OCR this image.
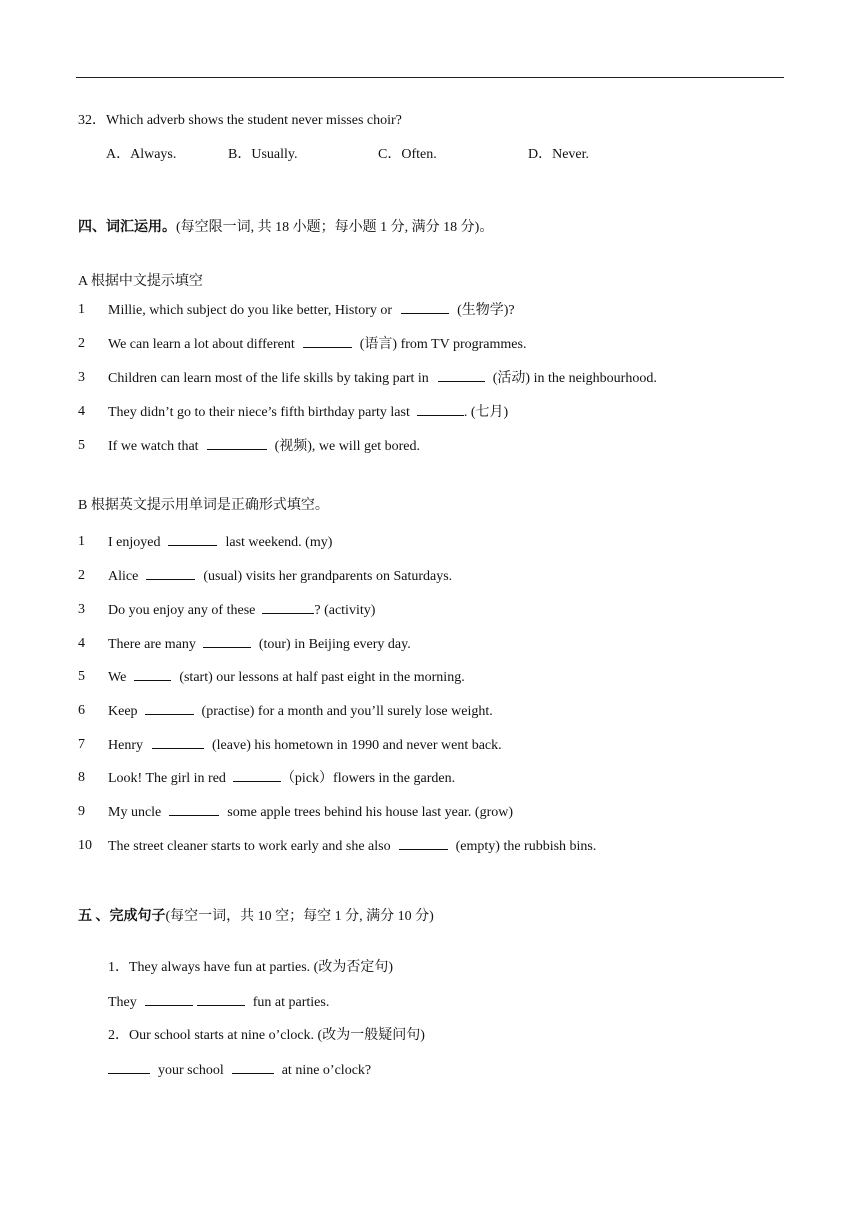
32．Which adverb shows the student never misses choir?
A．Always.	B．Usually.	C．Often.	D．Never.
四、词汇运用。(每空限一词, 共 18 小题；每小题 1 分, 满分 18 分)。
A 根据中文提示填空
1 Millie, which subject do you like better, History or	(生物学)?
2 We can learn a lot about different	(语言) from TV programmes.
3 Children can learn most of the life skills by taking part in	(活动) in the neighbourhood.
4 They didn’t go to their niece’s fifth birthday party last	. (七月)
5 If we watch that	(视频), we will get bored.
B 根据英文提示用单词是正确形式填空。
1 I enjoyed	last weekend. (my)
2 Alice	(usual) visits her grandparents on Saturdays.
3 Do you enjoy any of these	? (activity)
4 There are many	(tour) in Beijing every day.
5 We	(start) our lessons at half past eight in the morning.
6 Keep	(practise) for a month and you’ll surely lose weight.
7 Henry	(leave) his hometown in 1990 and never went back.
8 Look! The girl in red	（pick）flowers in the garden.
9 My uncle	some apple trees behind his house last year. (grow)
10 The street cleaner starts to work early and she also	(empty) the rubbish bins.
五 、完成句子(每空一词，共 10 空；每空 1 分, 满分 10 分)
1．They always have fun at parties. (改为否定句)
They	fun at parties.
2．Our school starts at nine o’clock. (改为一般疑问句)
your school	at nine o’clock?
